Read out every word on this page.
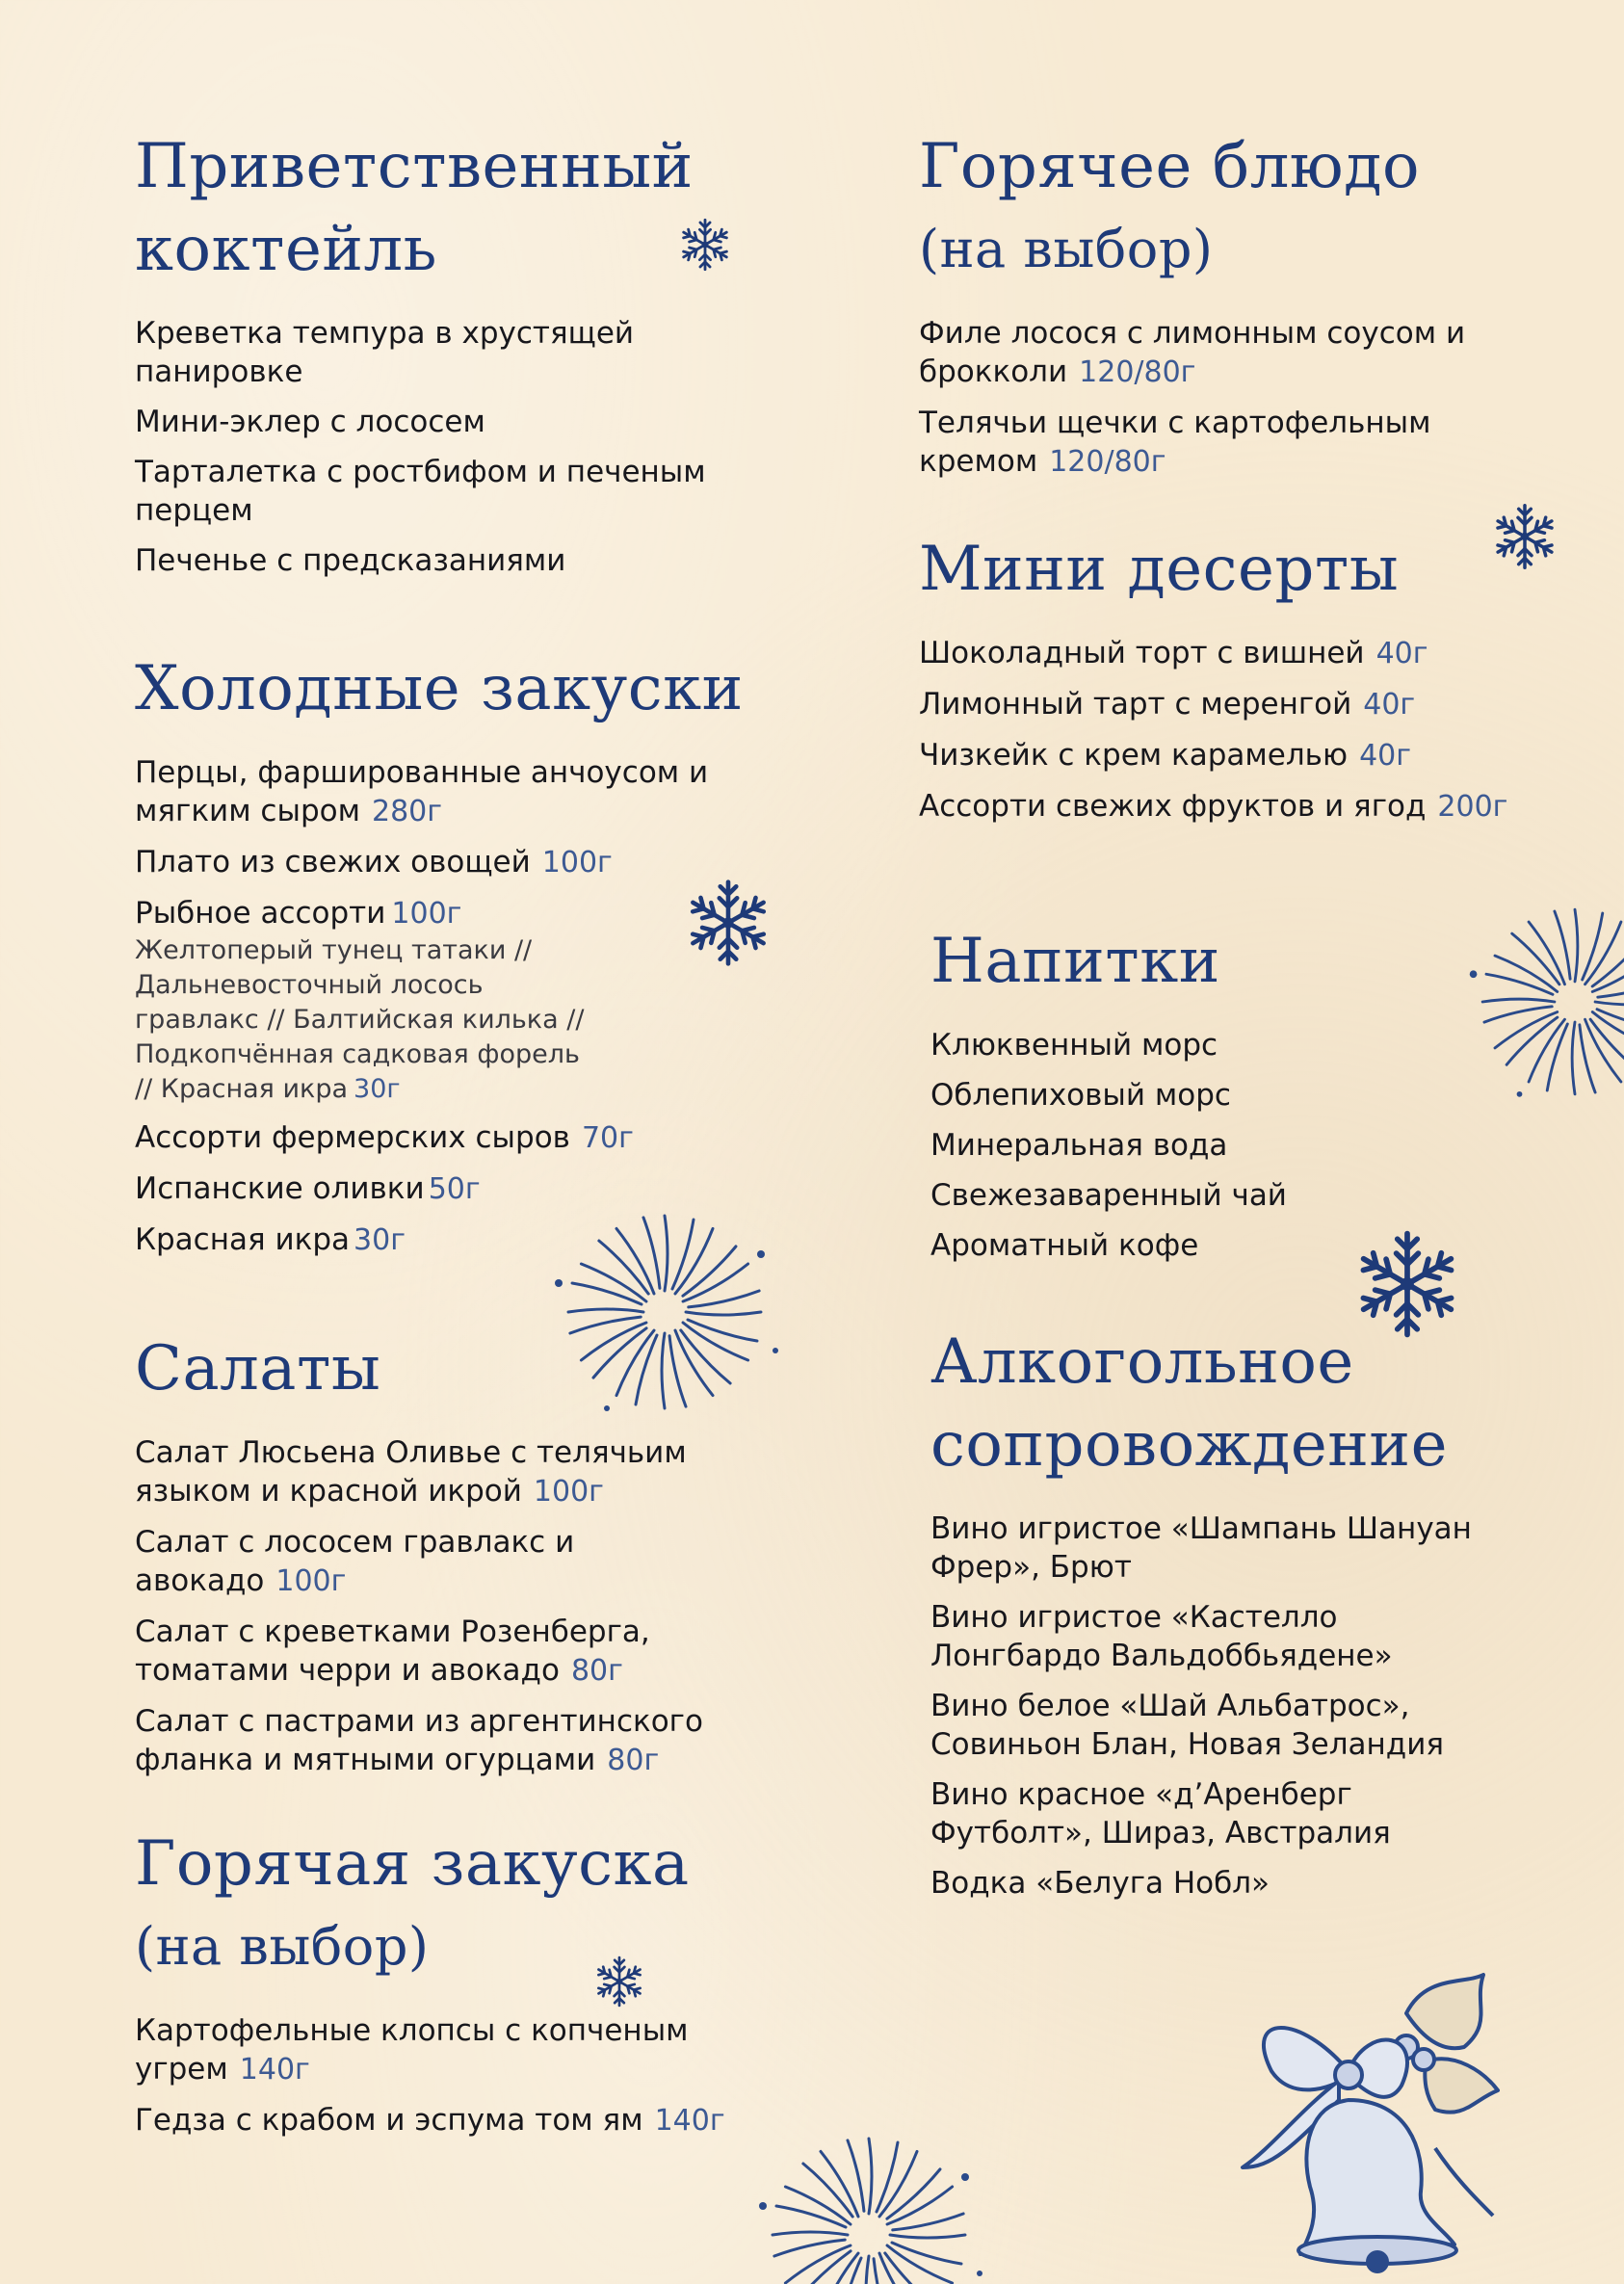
Приветственный коктейль
Креветка темпура в хрустящей панировке
Мини-эклер с лососем
Тарталетка с ростбифом и печеным перцем
Печенье с предсказаниями
Холодные закуски
Перцы, фаршированные анчоусом и мягким сыром 280г
Плато из свежих овощей 100г
Рыбное ассорти 100г
Желтоперый тунец татаки // Дальневосточный лосось гравлакс // Балтийская килька // Подкопчённая садковая форель // Красная икра 30г
Ассорти фермерских сыров 70г
Испанские оливки 50г
Красная икра 30г
Салаты
Салат Люсьена Оливье с телячьим языком и красной икрой 100г
Салат с лососем гравлакс и авокадо 100г
Салат с креветками Розенберга, томатами черри и авокадо 80г
Салат с пастрами из аргентинского фланка и мятными огурцами 80г
Горячая закуска
(на выбор)
Картофельные клопсы с копченым угрем 140г
Гедза с крабом и эспума том ям 140г
Горячее блюдо
(на выбор)
Филе лосося с лимонным соусом и брокколи 120/80г
Телячьи щечки с картофельным кремом 120/80г
Мини десерты
Шоколадный торт с вишней 40г
Лимонный тарт с меренгой 40г
Чизкейк с крем карамелью 40г
Ассорти свежих фруктов и ягод 200г
Напитки
Клюквенный морс
Облепиховый морс
Минеральная вода
Свежезаваренный чай
Ароматный кофе
Алкогольное сопровождение
Вино игристое «Шампань Шануан Фрер», Брют
Вино игристое «Кастелло Лонгбардо Вальдоббьядене»
Вино белое «Шай Альбатрос», Совиньон Блан, Новая Зеландия
Вино красное «д’Аренберг Футболт», Шираз, Австралия
Водка «Белуга Нобл»
